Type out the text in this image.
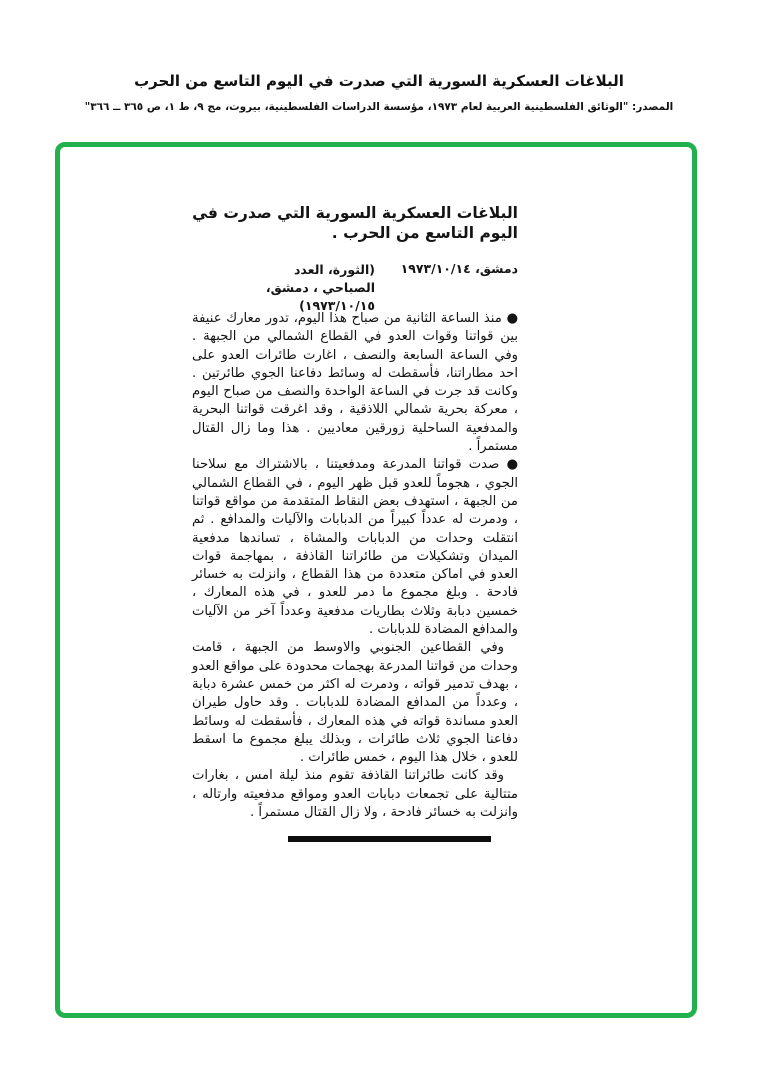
البلاغات العسكرية السورية التي صدرت في اليوم التاسع من الحرب
المصدر: "الوثائق الفلسطينية العربية لعام ١٩٧٣، مؤسسة الدراسات الفلسطينية، بيروت، مج ٩، ط ١، ص ٣٦٥ ــ ٣٦٦"
البلاغات العسكرية السورية التي صدرت في اليوم التاسع من الحرب .
دمشق، ١٩٧٣/١٠/١٤
(الثورة، العدد الصباحي ، دمشق، ١٩٧٣/١٠/١٥)

● منذ الساعة الثانية من صباح هذا اليوم، تدور معارك عنيفة بين قواتنا وقوات العدو في القطاع الشمالي من الجبهة . وفي الساعة السابعة والنصف ، اغارت طائرات العدو على احد مطاراتنا، فأسقطت له وسائط دفاعنا الجوي طائرتين . وكانت قد جرت في الساعة الواحدة والنصف من صباح اليوم ، معركة بحرية شمالي اللاذقية ، وقد اغرقت قواتنا البحرية والمدفعية الساحلية زورقين معاديين . هذا وما زال القتال مستمراً .

● صدت قواتنا المدرعة ومدفعيتنا ، بالاشتراك مع سلاحنا الجوي ، هجوماً للعدو قبل ظهر اليوم ، في القطاع الشمالي من الجبهة ، استهدف بعض النقاط المتقدمة من مواقع قواتنا ، ودمرت له عدداً كبيراً من الدبابات والآليات والمدافع . ثم انتقلت وحدات من الدبابات والمشاة ، تساندها مدفعية الميدان وتشكيلات من طائراتنا القاذفة ، بمهاجمة قوات العدو في اماكن متعددة من هذا القطاع ، وانزلت به خسائر فادحة . وبلغ مجموع ما دمر للعدو ، في هذه المعارك ، خمسين دبابة وثلاث بطاريات مدفعية وعدداً آخر من الآليات والمدافع المضادة للدبابات .

وفي القطاعين الجنوبي والاوسط من الجبهة ، قامت وحدات من قواتنا المدرعة بهجمات محدودة على مواقع العدو ، بهدف تدمير قواته ، ودمرت له اكثر من خمس عشرة دبابة ، وعدداً من المدافع المضادة للدبابات . وقد حاول طيران العدو مساندة قواته في هذه المعارك ، فأسقطت له وسائط دفاعنا الجوي ثلاث طائرات ، وبذلك يبلغ مجموع ما اسقط للعدو ، خلال هذا اليوم ، خمس طائرات .

وقد كانت طائراتنا القاذفة تقوم منذ ليلة امس ، بغارات متتالية على تجمعات دبابات العدو ومواقع مدفعيته وارتاله ، وانزلت به خسائر فادحة ، ولا زال القتال مستمراً .
